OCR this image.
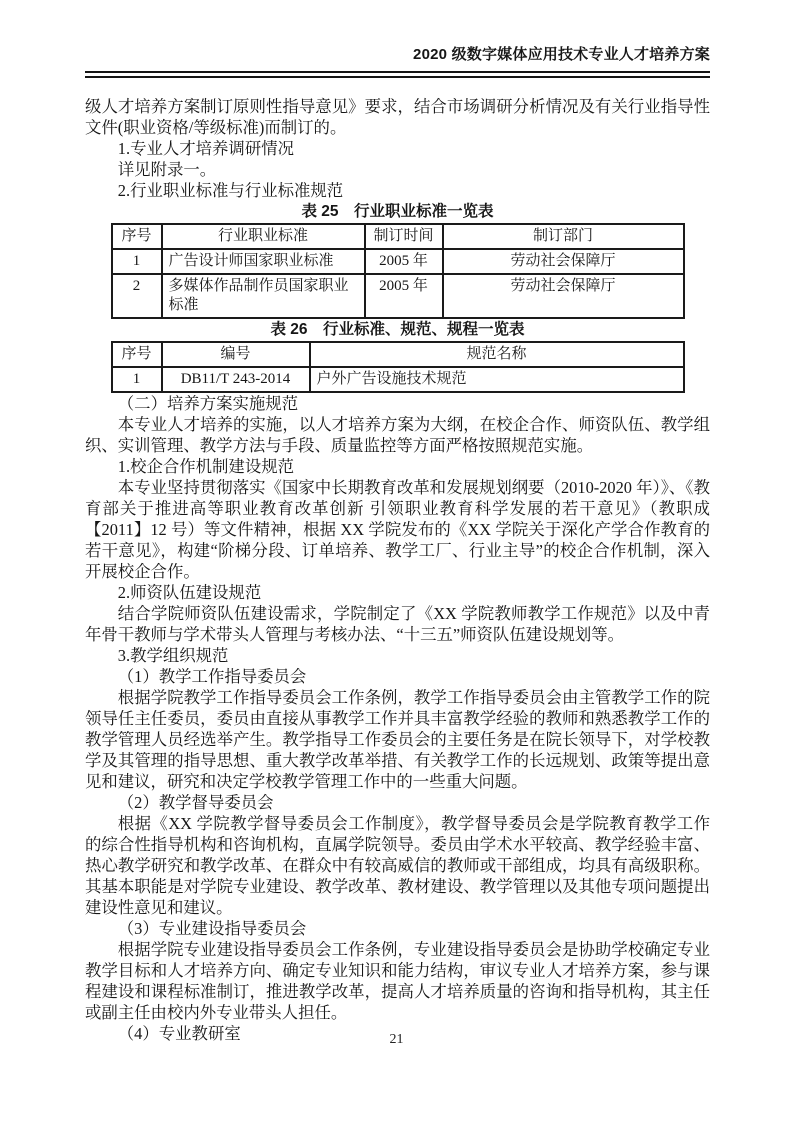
2020 级数字媒体应用技术专业人才培养方案

级人才培养方案制订原则性指导意见》要求，结合市场调研分析情况及有关行业指导性文件(职业资格/等级标准)而制订的。

1.专业人才培养调研情况

详见附录一。

2.行业职业标准与行业标准规范

表 25　行业职业标准一览表
序号	行业职业标准	制订时间	制订部门
1	广告设计师国家职业标准	2005 年	劳动社会保障厅
2	多媒体作品制作员国家职业标准	2005 年	劳动社会保障厅
表 26　行业标准、规范、规程一览表
序号	编号	规范名称
1	DB11/T 243-2014	户外广告设施技术规范

（二）培养方案实施规范

本专业人才培养的实施，以人才培养方案为大纲，在校企合作、师资队伍、教学组织、实训管理、教学方法与手段、质量监控等方面严格按照规范实施。

1.校企合作机制建设规范

本专业坚持贯彻落实《国家中长期教育改革和发展规划纲要（2010-2020 年）》、《教育部关于推进高等职业教育改革创新 引领职业教育科学发展的若干意见》（教职成【2011】12 号）等文件精神，根据 XX 学院发布的《XX 学院关于深化产学合作教育的若干意见》，构建“阶梯分段、订单培养、教学工厂、行业主导”的校企合作机制，深入开展校企合作。

2.师资队伍建设规范

结合学院师资队伍建设需求，学院制定了《XX 学院教师教学工作规范》以及中青年骨干教师与学术带头人管理与考核办法、“十三五”师资队伍建设规划等。

3.教学组织规范

（1）教学工作指导委员会

根据学院教学工作指导委员会工作条例，教学工作指导委员会由主管教学工作的院领导任主任委员，委员由直接从事教学工作并具丰富教学经验的教师和熟悉教学工作的教学管理人员经选举产生。教学指导工作委员会的主要任务是在院长领导下，对学校教学及其管理的指导思想、重大教学改革举措、有关教学工作的长远规划、政策等提出意见和建议，研究和决定学校教学管理工作中的一些重大问题。

（2）教学督导委员会

根据《XX 学院教学督导委员会工作制度》，教学督导委员会是学院教育教学工作的综合性指导机构和咨询机构，直属学院领导。委员由学术水平较高、教学经验丰富、热心教学研究和教学改革、在群众中有较高威信的教师或干部组成，均具有高级职称。其基本职能是对学院专业建设、教学改革、教材建设、教学管理以及其他专项问题提出建设性意见和建议。

（3）专业建设指导委员会

根据学院专业建设指导委员会工作条例，专业建设指导委员会是协助学校确定专业教学目标和人才培养方向、确定专业知识和能力结构，审议专业人才培养方案，参与课程建设和课程标准制订，推进教学改革，提高人才培养质量的咨询和指导机构，其主任或副主任由校内外专业带头人担任。

（4）专业教研室	21
